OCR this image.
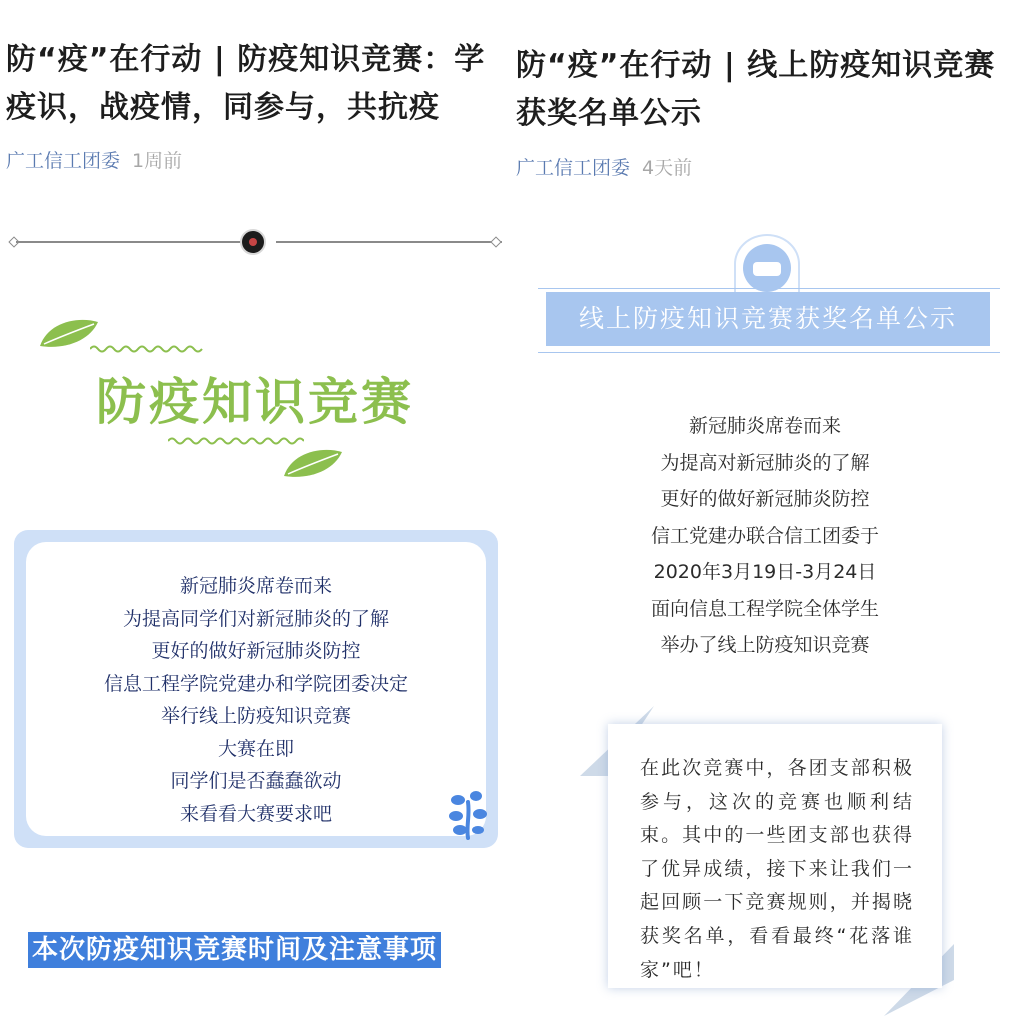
防“疫”在行动 | 防疫知识竞赛：学疫识，战疫情，同参与，共抗疫
广工信工团委 1周前
防疫知识竞赛
新冠肺炎席卷而来
为提高同学们对新冠肺炎的了解
更好的做好新冠肺炎防控
信息工程学院党建办和学院团委决定
举行线上防疫知识竞赛
大赛在即
同学们是否蠢蠢欲动
来看看大赛要求吧
本次防疫知识竞赛时间及注意事项
防“疫”在行动 | 线上防疫知识竞赛获奖名单公示
广工信工团委 4天前
线上防疫知识竞赛获奖名单公示
新冠肺炎席卷而来
为提高对新冠肺炎的了解
更好的做好新冠肺炎防控
信工党建办联合信工团委于
2020年3月19日-3月24日
面向信息工程学院全体学生
举办了线上防疫知识竞赛
在此次竞赛中，各团支部积极参与，这次的竞赛也顺利结束。其中的一些团支部也获得了优异成绩，接下来让我们一起回顾一下竞赛规则，并揭晓获奖名单，看看最终“花落谁家”吧！
